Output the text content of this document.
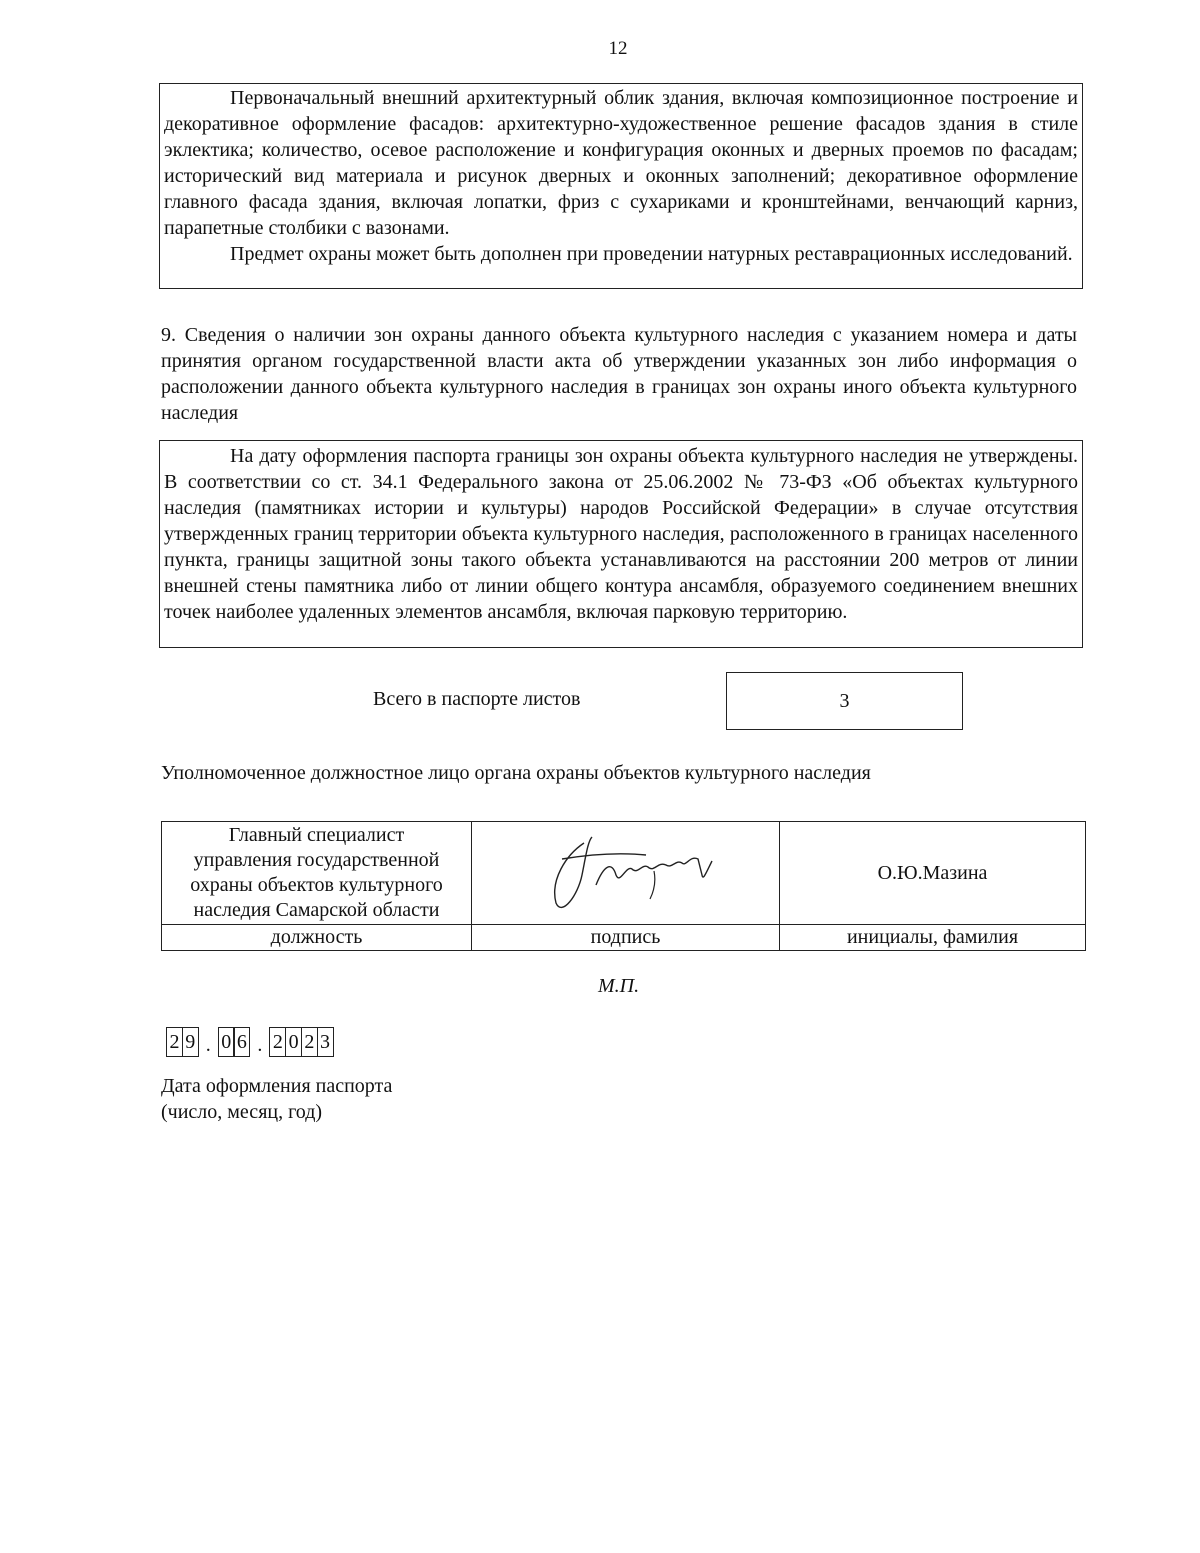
12

Первоначальный внешний архитектурный облик здания, включая композиционное построение и декоративное оформление фасадов: архитектурно-художественное решение фасадов здания в стиле эклектика; количество, осевое расположение и конфигурация оконных и дверных проемов по фасадам; исторический вид материала и рисунок дверных и оконных заполнений; декоративное оформление главного фасада здания, включая лопатки, фриз с сухариками и кронштейнами, венчающий карниз, парапетные столбики с вазонами.

Предмет охраны может быть дополнен при проведении натурных реставрационных исследований.

9. Сведения о наличии зон охраны данного объекта культурного наследия с указанием номера и даты принятия органом государственной власти акта об утверждении указанных зон либо информация о расположении данного объекта культурного наследия в границах зон охраны иного объекта культурного наследия

На дату оформления паспорта границы зон охраны объекта культурного наследия не утверждены. В соответствии со ст. 34.1 Федерального закона от 25.06.2002 № 73-ФЗ «Об объектах культурного наследия (памятниках истории и культуры) народов Российской Федерации» в случае отсутствия утвержденных границ территории объекта культурного наследия, расположенного в границах населенного пункта, границы защитной зоны такого объекта устанавливаются на расстоянии 200 метров от линии внешней стены памятника либо от линии общего контура ансамбля, образуемого соединением внешних точек наиболее удаленных элементов ансамбля, включая парковую территорию.

Всего в паспорте листов	3
Уполномоченное должностное лицо органа охраны объектов культурного наследия
Главный специалист
управления государственной
охраны объектов культурного
наследия Самарской области		О.Ю.Мазина
должность	подпись	инициалы, фамилия
М.П.
2 9 . 0 6 . 2 0 2 3
Дата оформления паспорта
(число, месяц, год)
